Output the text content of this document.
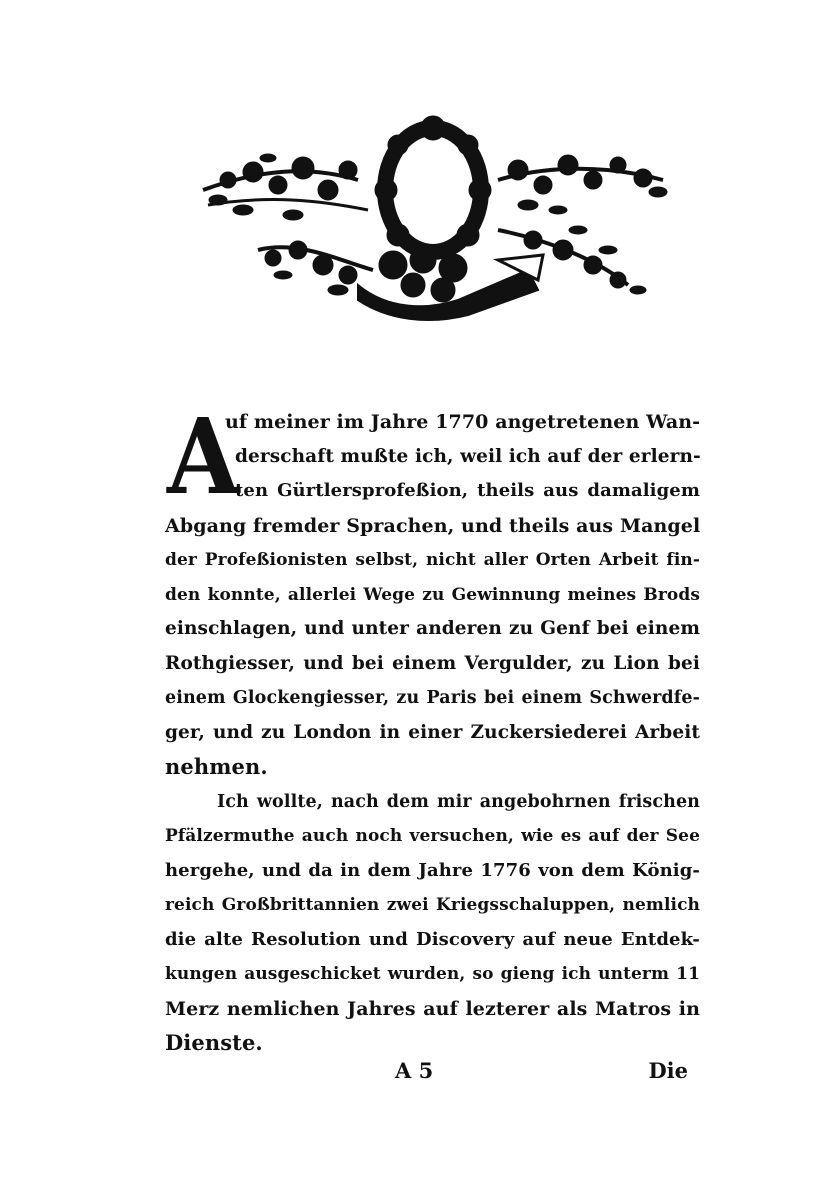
A
uf meiner im Jahre 1770 angetretenen Wan-
derschaft mußte ich, weil ich auf der erlern-
ten Gürtlersprofeßion, theils aus damaligem
Abgang fremder Sprachen, und theils aus Mangel
der Profeßionisten selbst, nicht aller Orten Arbeit fin-
den konnte, allerlei Wege zu Gewinnung meines Brods
einschlagen, und unter anderen zu Genf bei einem
Rothgiesser, und bei einem Vergulder, zu Lion bei
einem Glockengiesser, zu Paris bei einem Schwerdfe-
ger, und zu London in einer Zuckersiederei Arbeit
nehmen.
Ich wollte, nach dem mir angebohrnen frischen
Pfälzermuthe auch noch versuchen, wie es auf der See
hergehe, und da in dem Jahre 1776 von dem König-
reich Großbrittannien zwei Kriegsschaluppen, nemlich
die alte Resolution und Discovery auf neue Entdek-
kungen ausgeschicket wurden, so gieng ich unterm 11
Merz nemlichen Jahres auf lezterer als Matros in
Dienste.
A 5	Die
